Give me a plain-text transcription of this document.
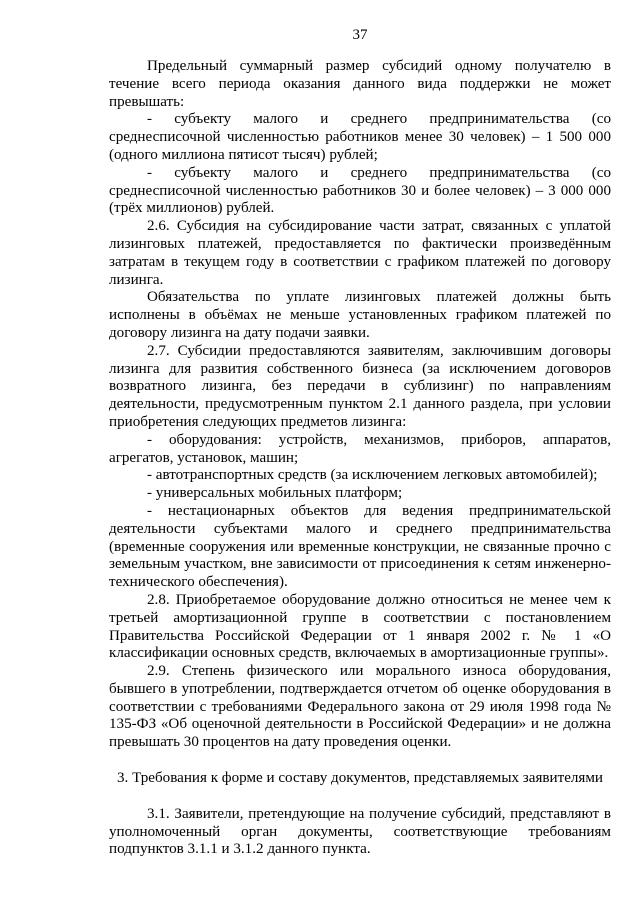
37

Предельный суммарный размер субсидий одному получателю в течение всего периода оказания данного вида поддержки не может превышать:

- субъекту малого и среднего предпринимательства (со среднесписочной численностью работников менее 30 человек) – 1 500 000 (одного миллиона пятисот тысяч) рублей;

- субъекту малого и среднего предпринимательства (со среднесписочной численностью работников 30 и более человек) – 3 000 000 (трёх миллионов) рублей.

2.6. Субсидия на субсидирование части затрат, связанных с уплатой лизинговых платежей, предоставляется по фактически произведённым затратам в текущем году в соответствии с графиком платежей по договору лизинга.

Обязательства по уплате лизинговых платежей должны быть исполнены в объёмах не меньше установленных графиком платежей по договору лизинга на дату подачи заявки.

2.7. Субсидии предоставляются заявителям, заключившим договоры лизинга для развития собственного бизнеса (за исключением договоров возвратного лизинга, без передачи в сублизинг) по направлениям деятельности, предусмотренным пунктом 2.1 данного раздела, при условии приобретения следующих предметов лизинга:

- оборудования: устройств, механизмов, приборов, аппаратов, агрегатов, установок, машин;

- автотранспортных средств (за исключением легковых автомобилей);

- универсальных мобильных платформ;

- нестационарных объектов для ведения предпринимательской деятельности субъектами малого и среднего предпринимательства (временные сооружения или временные конструкции, не связанные прочно с земельным участком, вне зависимости от присоединения к сетям инженерно-технического обеспечения).

2.8. Приобретаемое оборудование должно относиться не менее чем к третьей амортизационной группе в соответствии с постановлением Правительства Российской Федерации от 1 января 2002 г. № 1 «О классификации основных средств, включаемых в амортизационные группы».

2.9. Степень физического или морального износа оборудования, бывшего в употреблении, подтверждается отчетом об оценке оборудования в соответствии с требованиями Федерального закона от 29 июля 1998 года № 135-ФЗ «Об оценочной деятельности в Российской Федерации» и не должна превышать 30 процентов на дату проведения оценки.

3. Требования к форме и составу документов, представляемых заявителями

3.1. Заявители, претендующие на получение субсидий, представляют в уполномоченный орган документы, соответствующие требованиям подпунктов 3.1.1 и 3.1.2 данного пункта.
